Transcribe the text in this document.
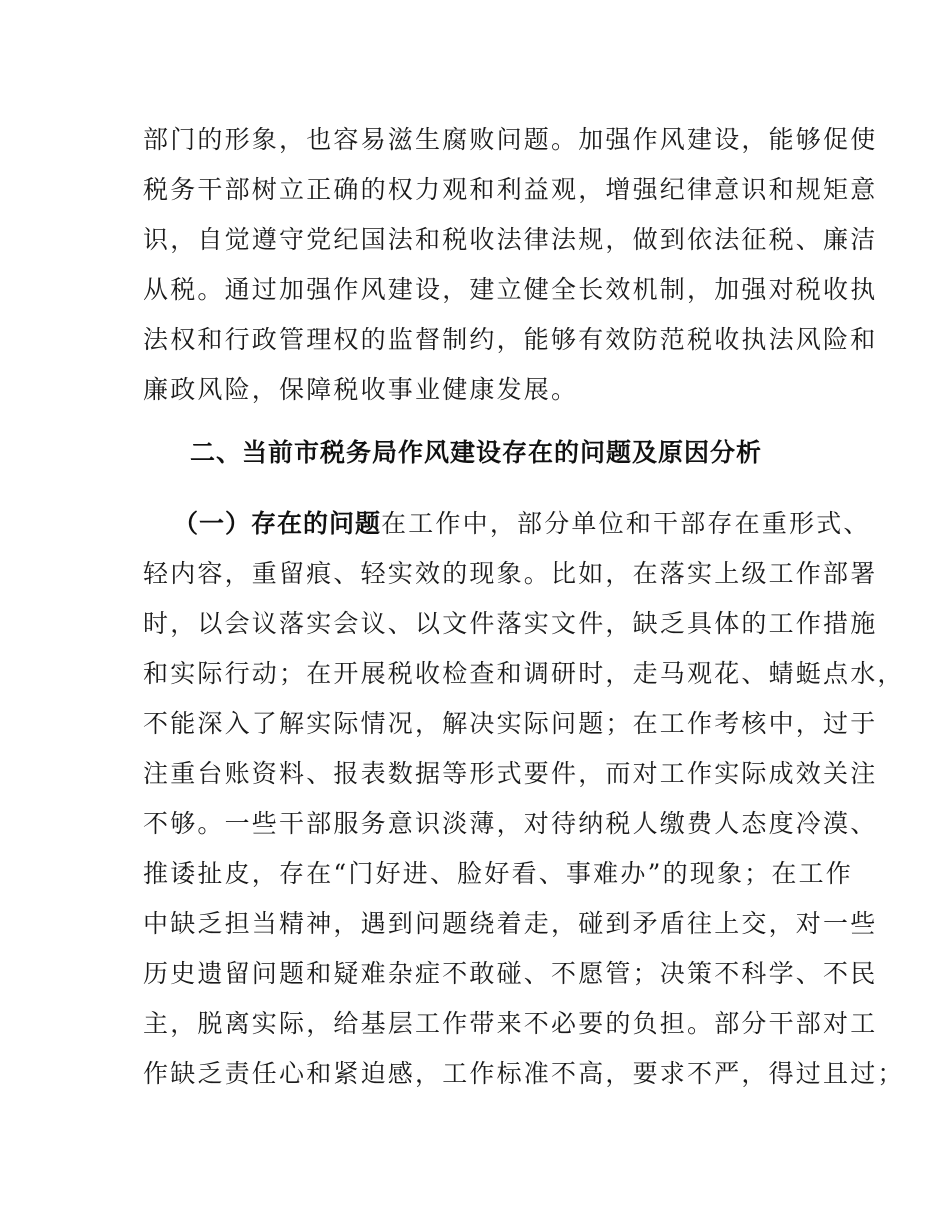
部门的形象，也容易滋生腐败问题。加强作风建设，能够促使
税务干部树立正确的权力观和利益观，增强纪律意识和规矩意
识，自觉遵守党纪国法和税收法律法规，做到依法征税、廉洁
从税。通过加强作风建设，建立健全长效机制，加强对税收执
法权和行政管理权的监督制约，能够有效防范税收执法风险和
廉政风险，保障税收事业健康发展。
二、当前市税务局作风建设存在的问题及原因分析
（一）存在的问题在工作中，部分单位和干部存在重形式、
轻内容，重留痕、轻实效的现象。比如，在落实上级工作部署
时，以会议落实会议、以文件落实文件，缺乏具体的工作措施
和实际行动；在开展税收检查和调研时，走马观花、蜻蜓点水，
不能深入了解实际情况，解决实际问题；在工作考核中，过于
注重台账资料、报表数据等形式要件，而对工作实际成效关注
不够。一些干部服务意识淡薄，对待纳税人缴费人态度冷漠、
推诿扯皮，存在“门好进、脸好看、事难办”的现象；在工作
中缺乏担当精神，遇到问题绕着走，碰到矛盾往上交，对一些
历史遗留问题和疑难杂症不敢碰、不愿管；决策不科学、不民
主，脱离实际，给基层工作带来不必要的负担。部分干部对工
作缺乏责任心和紧迫感，工作标准不高，要求不严，得过且过；
